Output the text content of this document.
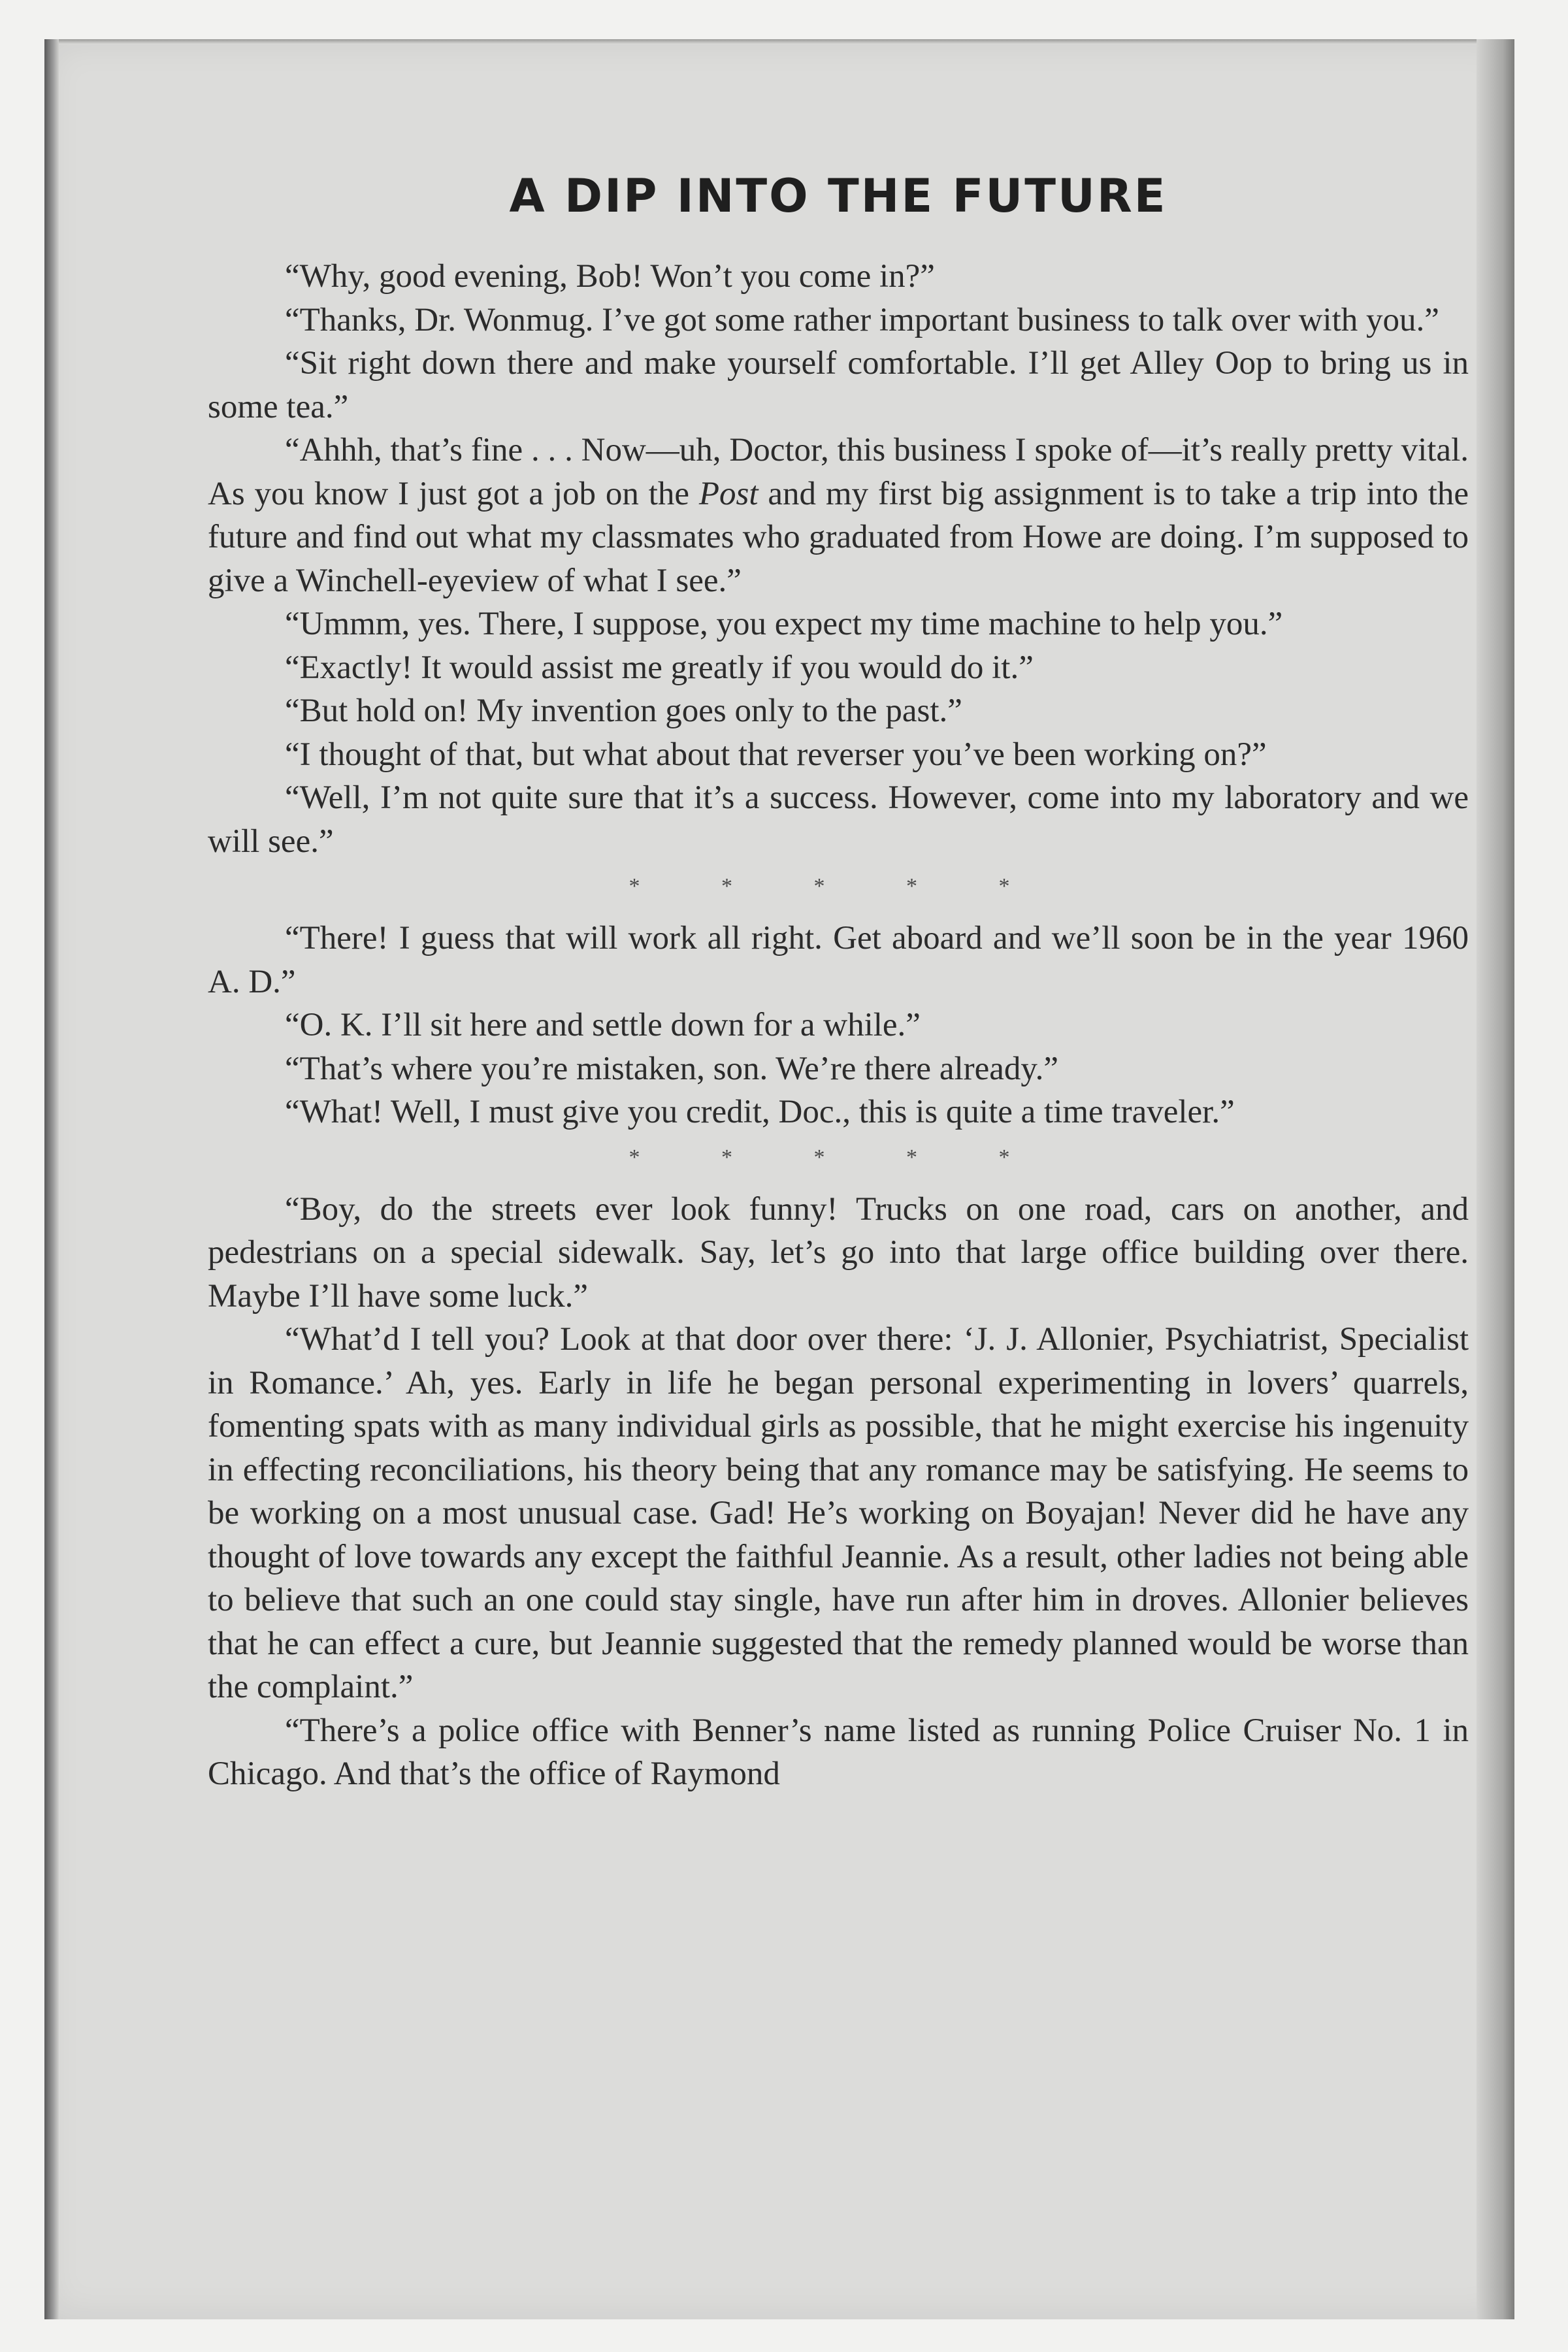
A DIP INTO THE FUTURE

“Why, good evening, Bob! Won’t you come in?”

“Thanks, Dr. Wonmug. I’ve got some rather important business to talk over with you.”

“Sit right down there and make yourself comfortable. I’ll get Alley Oop to bring us in some tea.”

“Ahhh, that’s fine . . . Now—uh, Doctor, this business I spoke of—it’s really pretty vital. As you know I just got a job on the Post and my first big assignment is to take a trip into the future and find out what my classmates who graduated from Howe are doing. I’m supposed to give a Winchell-eyeview of what I see.”

“Ummm, yes. There, I suppose, you expect my time machine to help you.”

“Exactly! It would assist me greatly if you would do it.”

“But hold on! My invention goes only to the past.”

“I thought of that, but what about that reverser you’ve been working on?”

“Well, I’m not quite sure that it’s a success. However, come into my laboratory and we will see.”

* * * * *

“There! I guess that will work all right. Get aboard and we’ll soon be in the year 1960 A. D.”

“O. K. I’ll sit here and settle down for a while.”

“That’s where you’re mistaken, son. We’re there already.”

“What! Well, I must give you credit, Doc., this is quite a time traveler.”

* * * * *

“Boy, do the streets ever look funny! Trucks on one road, cars on another, and pedestrians on a special sidewalk. Say, let’s go into that large office building over there. Maybe I’ll have some luck.”

“What’d I tell you? Look at that door over there: ‘J. J. Allonier, Psychiatrist, Specialist in Romance.’ Ah, yes. Early in life he began personal experimenting in lovers’ quarrels, fomenting spats with as many individual girls as possible, that he might exercise his ingenuity in effecting reconciliations, his theory being that any romance may be satisfying. He seems to be working on a most unusual case. Gad! He’s working on Boyajan! Never did he have any thought of love towards any except the faithful Jeannie. As a result, other ladies not being able to believe that such an one could stay single, have run after him in droves. Allonier believes that he can effect a cure, but Jeannie suggested that the remedy planned would be worse than the complaint.”

“There’s a police office with Benner’s name listed as running Police Cruiser No. 1 in Chicago. And that’s the office of Raymond
